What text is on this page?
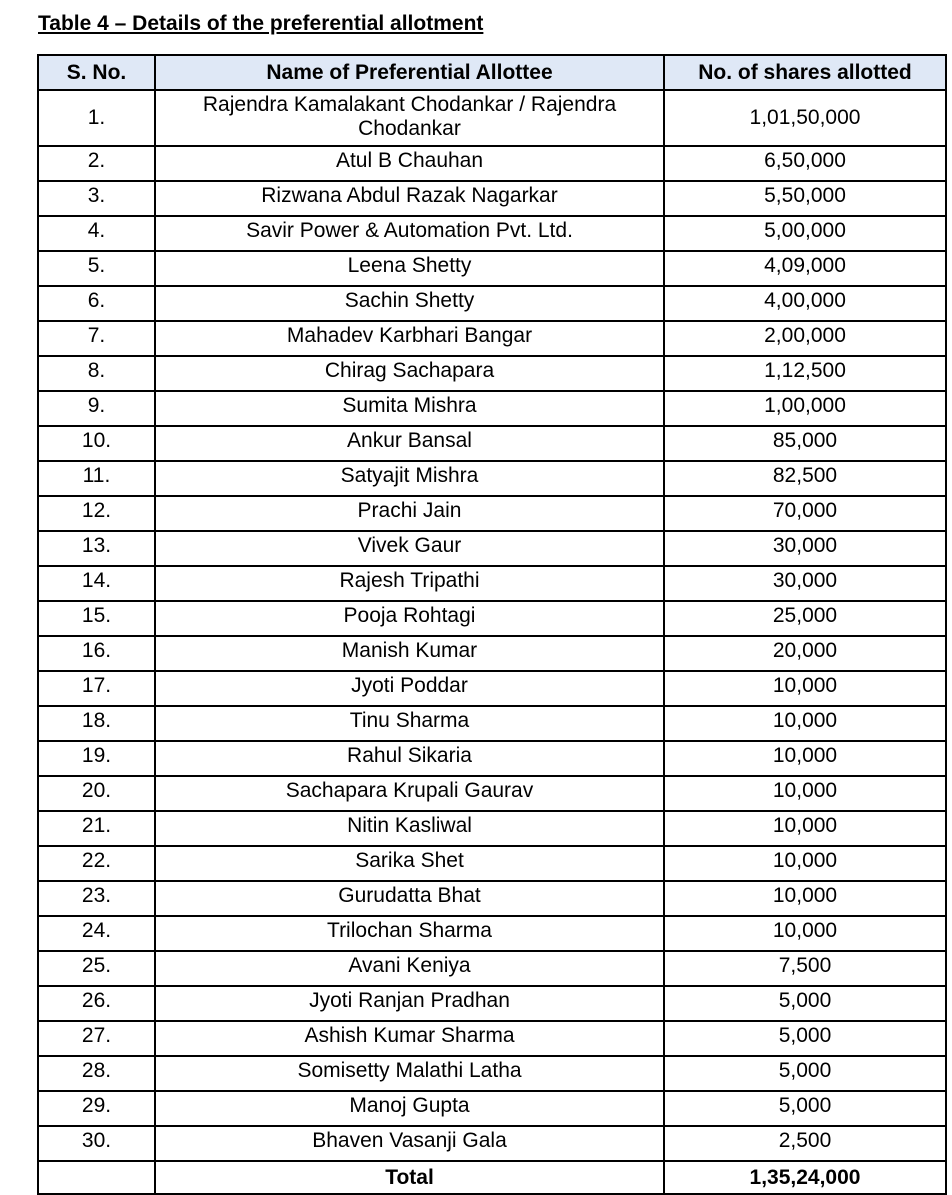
Table 4 – Details of the preferential allotment
S. No.	Name of Preferential Allottee	No. of shares allotted
1.	Rajendra Kamalakant Chodankar / Rajendra Chodankar	1,01,50,000
2.	Atul B Chauhan	6,50,000
3.	Rizwana Abdul Razak Nagarkar	5,50,000
4.	Savir Power & Automation Pvt. Ltd.	5,00,000
5.	Leena Shetty	4,09,000
6.	Sachin Shetty	4,00,000
7.	Mahadev Karbhari Bangar	2,00,000
8.	Chirag Sachapara	1,12,500
9.	Sumita Mishra	1,00,000
10.	Ankur Bansal	85,000
11.	Satyajit Mishra	82,500
12.	Prachi Jain	70,000
13.	Vivek Gaur	30,000
14.	Rajesh Tripathi	30,000
15.	Pooja Rohtagi	25,000
16.	Manish Kumar	20,000
17.	Jyoti Poddar	10,000
18.	Tinu Sharma	10,000
19.	Rahul Sikaria	10,000
20.	Sachapara Krupali Gaurav	10,000
21.	Nitin Kasliwal	10,000
22.	Sarika Shet	10,000
23.	Gurudatta Bhat	10,000
24.	Trilochan Sharma	10,000
25.	Avani Keniya	7,500
26.	Jyoti Ranjan Pradhan	5,000
27.	Ashish Kumar Sharma	5,000
28.	Somisetty Malathi Latha	5,000
29.	Manoj Gupta	5,000
30.	Bhaven Vasanji Gala	2,500
	Total	1,35,24,000
